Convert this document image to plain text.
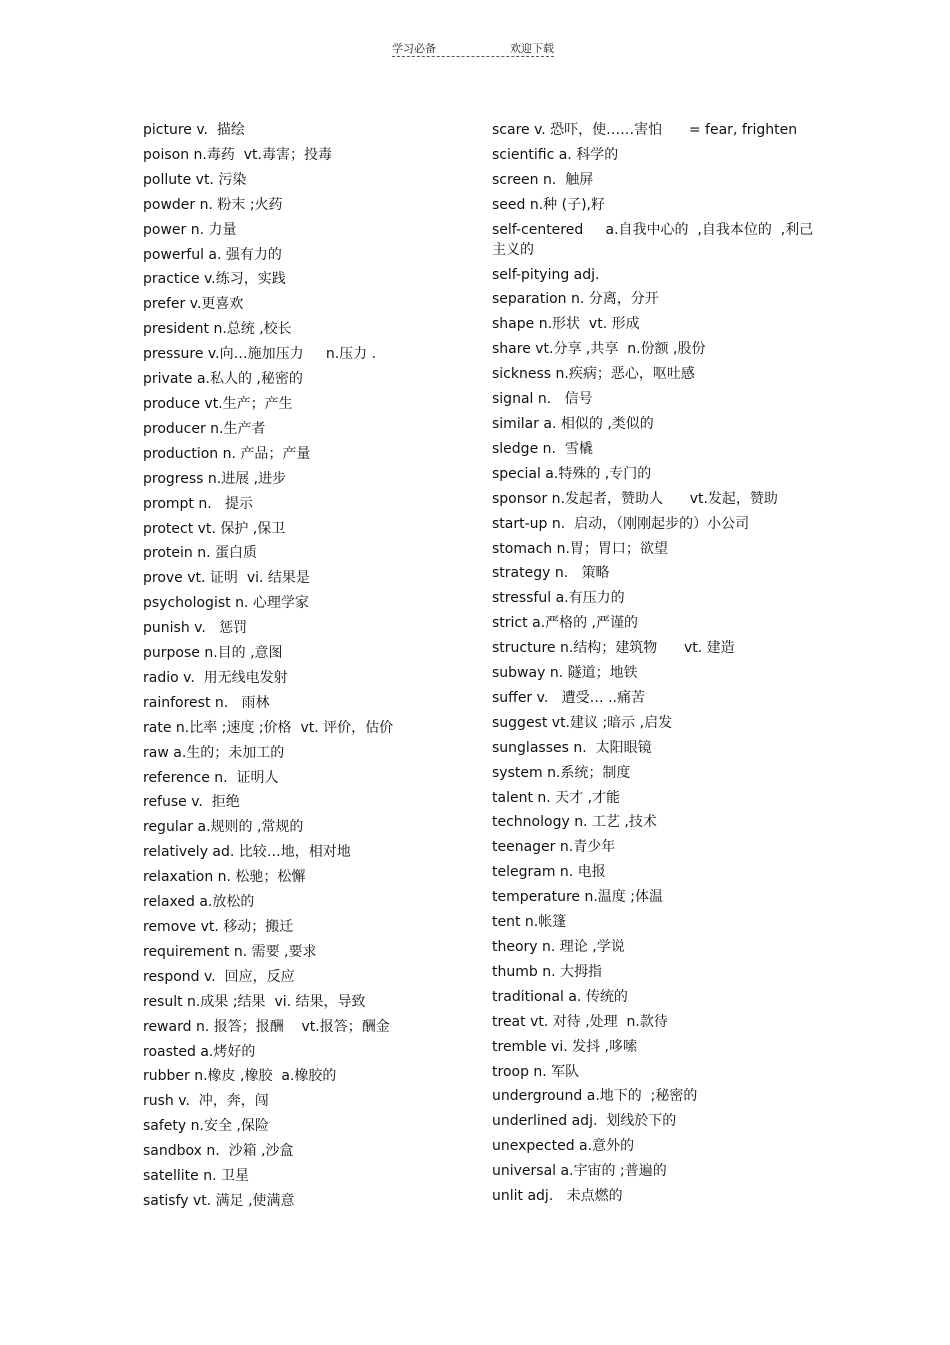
学习必备	欢迎下载
picture v.  描绘
poison n.毒药  vt.毒害；投毒
pollute vt. 污染
powder n. 粉末 ;火药
power n. 力量
powerful a. 强有力的
practice v.练习，实践
prefer v.更喜欢
president n.总统 ,校长
pressure v.向…施加压力     n.压力 .
private a.私人的 ,秘密的
produce vt.生产；产生
producer n.生产者
production n. 产品；产量
progress n.进展 ,进步
prompt n.   提示
protect vt. 保护 ,保卫
protein n. 蛋白质
prove vt. 证明  vi. 结果是
psychologist n. 心理学家
punish v.   惩罚
purpose n.目的 ,意图
radio v.  用无线电发射
rainforest n.   雨林
rate n.比率 ;速度 ;价格  vt. 评价，估价
raw a.生的；未加工的
reference n.  证明人
refuse v.  拒绝
regular a.规则的 ,常规的
relatively ad. 比较…地，相对地
relaxation n. 松驰；松懈
relaxed a.放松的
remove vt. 移动；搬迁
requirement n. 需要 ,要求
respond v.  回应，反应
result n.成果 ;结果  vi. 结果，导致
reward n. 报答；报酬    vt.报答；酬金
roasted a.烤好的
rubber n.橡皮 ,橡胶  a.橡胶的
rush v.  冲，奔，闯
safety n.安全 ,保险
sandbox n.  沙箱 ,沙盒
satellite n. 卫星
satisfy vt. 满足 ,使满意
scare v. 恐吓，使……害怕      = fear, frighten
scientific a. 科学的
screen n.  触屏
seed n.种 (子),籽
self-centered     a.自我中心的  ,自我本位的  ,利己主义的
self-pitying adj.
separation n. 分离，分开
shape n.形状  vt. 形成
share vt.分享 ,共享  n.份额 ,股份
sickness n.疾病；恶心，呕吐感
signal n.   信号
similar a. 相似的 ,类似的
sledge n.  雪橇
special a.特殊的 ,专门的
sponsor n.发起者，赞助人      vt.发起，赞助
start-up n.  启动，（刚刚起步的）小公司
stomach n.胃；胃口；欲望
strategy n.   策略
stressful a.有压力的
strict a.严格的 ,严谨的
structure n.结构；建筑物      vt. 建造
subway n. 隧道；地铁
suffer v.   遭受… ..痛苦
suggest vt.建议 ;暗示 ,启发
sunglasses n.  太阳眼镜
system n.系统；制度
talent n. 天才 ,才能
technology n. 工艺 ,技术
teenager n.青少年
telegram n. 电报
temperature n.温度 ;体温
tent n.帐篷
theory n. 理论 ,学说
thumb n. 大拇指
traditional a. 传统的
treat vt. 对待 ,处理  n.款待
tremble vi. 发抖 ,哆嗦
troop n. 军队
underground a.地下的  ;秘密的
underlined adj.  划线於下的
unexpected a.意外的
universal a.宇宙的 ;普遍的
unlit adj.   未点燃的
